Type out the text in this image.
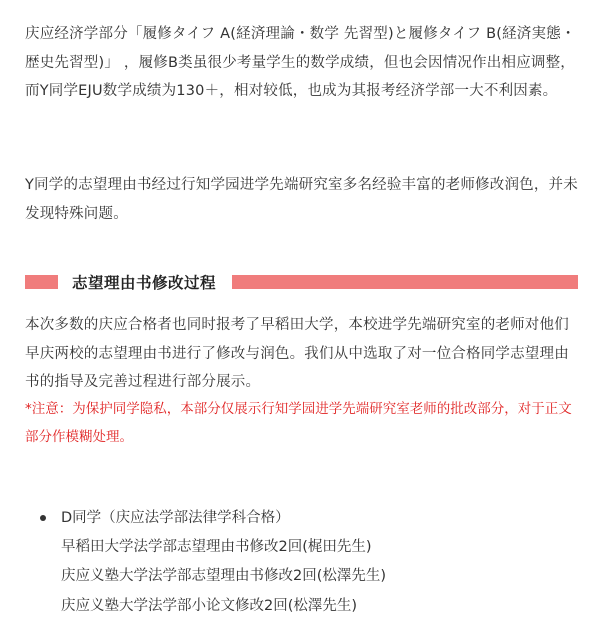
庆应经济学部分「履修タイフ A(経済理論・数学 先習型)と履修タイフ B(経済実態・歴史先習型)」 ，履修B类虽很少考量学生的数学成绩，但也会因情况作出相应调整，而Y同学EJU数学成绩为130＋，相对较低，也成为其报考经济学部一大不利因素。

Y同学的志望理由书经过行知学园进学先端研究室多名经验丰富的老师修改润色，并未发现特殊问题。

志望理由书修改过程

本次多数的庆应合格者也同时报考了早稻田大学，本校进学先端研究室的老师对他们早庆两校的志望理由书进行了修改与润色。我们从中选取了对一位合格同学志望理由书的指导及完善过程进行部分展示。

*注意：为保护同学隐私，本部分仅展示行知学园进学先端研究室老师的批改部分，对于正文部分作模糊处理。

D同学（庆应法学部法律学科合格）
早稻田大学法学部志望理由书修改2回(梶田先生)
庆应义塾大学法学部志望理由书修改2回(松澤先生)
庆应义塾大学法学部小论文修改2回(松澤先生)
